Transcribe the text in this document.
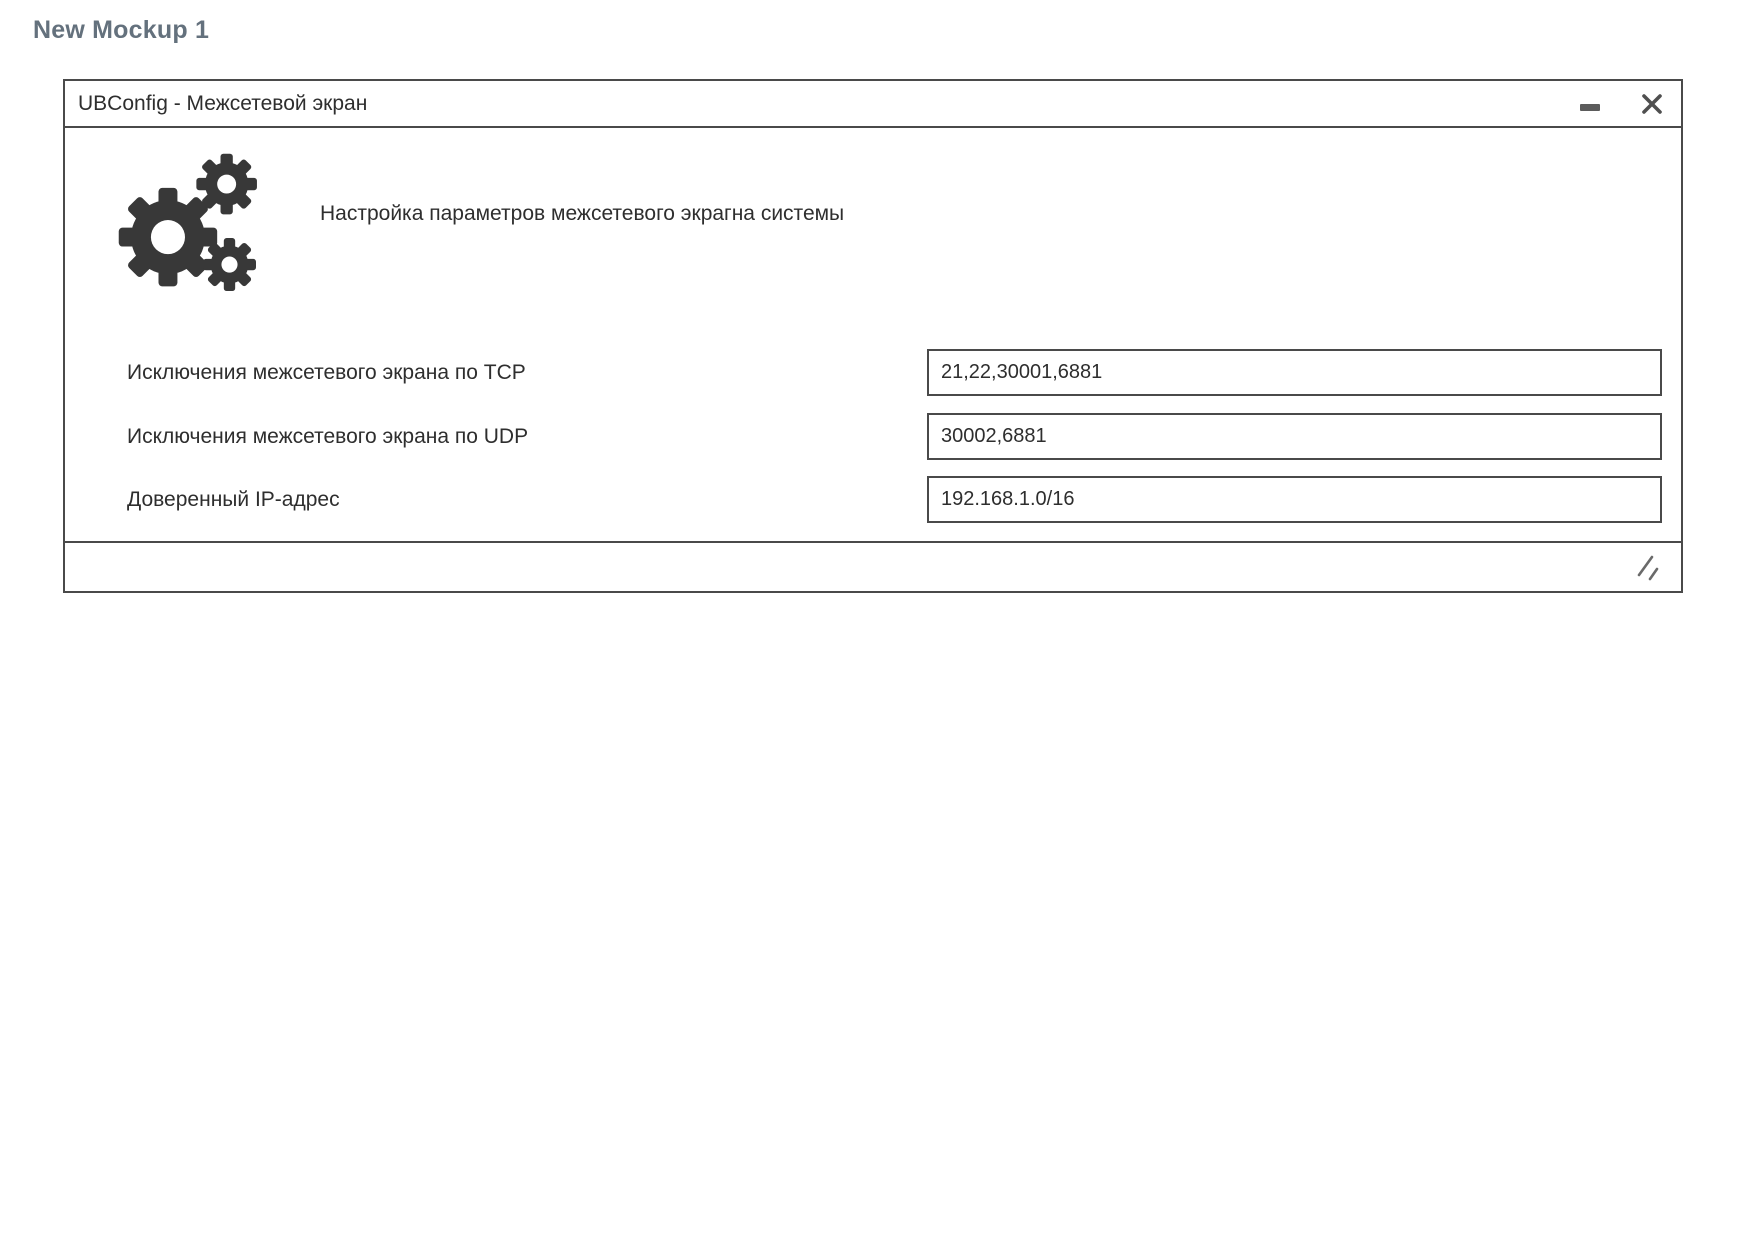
New Mockup 1
UBConfig - Межсетевой экран
Настройка параметров межсетевого экрагна системы
Исключения межсетевого экрана по TCP
21,22,30001,6881
Исключения межсетевого экрана по UDP
30002,6881
Доверенный IP-адрес
192.168.1.0/16
